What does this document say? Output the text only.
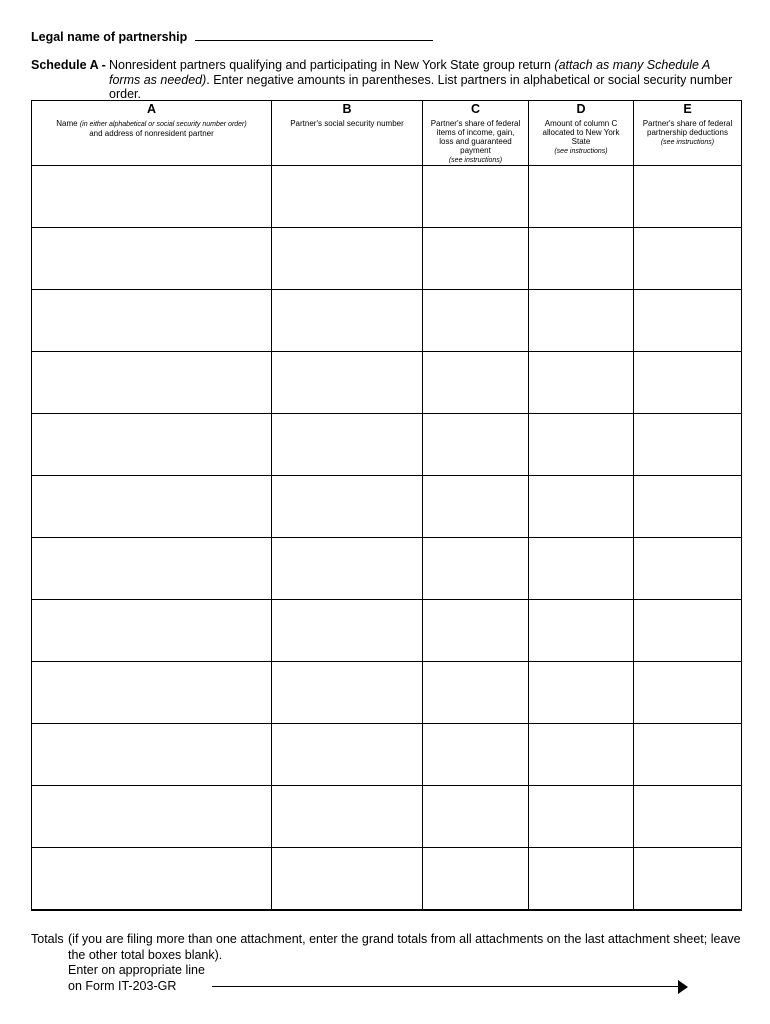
Legal name of partnership
Schedule A - Nonresident partners qualifying and participating in New York State group return (attach as many Schedule A forms as needed). Enter negative amounts in parentheses. List partners in alphabetical or social security number order.
A
Name (in either alphabetical or social security number order)
and address of nonresident partner	B
Partner's social security number	C
Partner's share of federal items of income, gain, loss and guaranteed payment
(see instructions)	D
Amount of column C allocated to New York State
(see instructions)	E
Partner's share of federal partnership deductions
(see instructions)

Totals (if you are filing more than one attachment, enter the grand totals from all attachments on the last attachment sheet; leave the other total boxes blank).
Enter on appropriate line
on Form IT-203-GR
